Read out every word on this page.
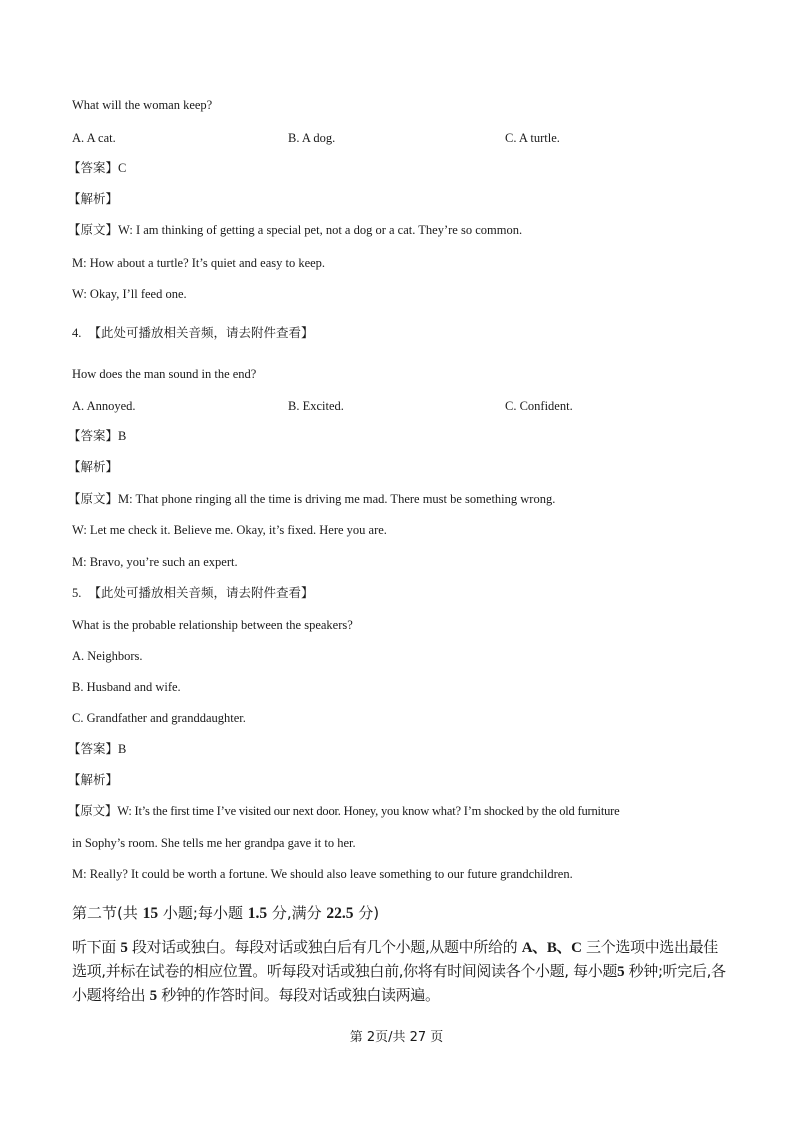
What will the woman keep?
A. A cat.	B. A dog.	C. A turtle.
【答案】C
【解析】
【原文】W: I am thinking of getting a special pet, not a dog or a cat. They’re so common.
M: How about a turtle? It’s quiet and easy to keep.
W: Okay, I’ll feed one.
4. 【此处可播放相关音频，请去附件查看】
How does the man sound in the end?
A. Annoyed.	B. Excited.	C. Confident.
【答案】B
【解析】
【原文】M: That phone ringing all the time is driving me mad. There must be something wrong.
W: Let me check it. Believe me. Okay, it’s fixed. Here you are.
M: Bravo, you’re such an expert.
5. 【此处可播放相关音频，请去附件查看】
What is the probable relationship between the speakers?
A. Neighbors.
B. Husband and wife.
C. Grandfather and granddaughter.
【答案】B
【解析】
【原文】W: It’s the first time I’ve visited our next door. Honey, you know what? I’m shocked by the old furniture
in Sophy’s room. She tells me her grandpa gave it to her.
M: Really? It could be worth a fortune. We should also leave something to our future grandchildren.
第二节(共 15 小题;每小题 1.5 分,满分 22.5 分)
听下面 5 段对话或独白。每段对话或独白后有几个小题,从题中所给的 A、B、C 三个选项中选出最佳选项,并标在试卷的相应位置。听每段对话或独白前,你将有时间阅读各个小题, 每小题5 秒钟;听完后,各小题将给出 5 秒钟的作答时间。每段对话或独白读两遍。
第 2页/共 27 页
